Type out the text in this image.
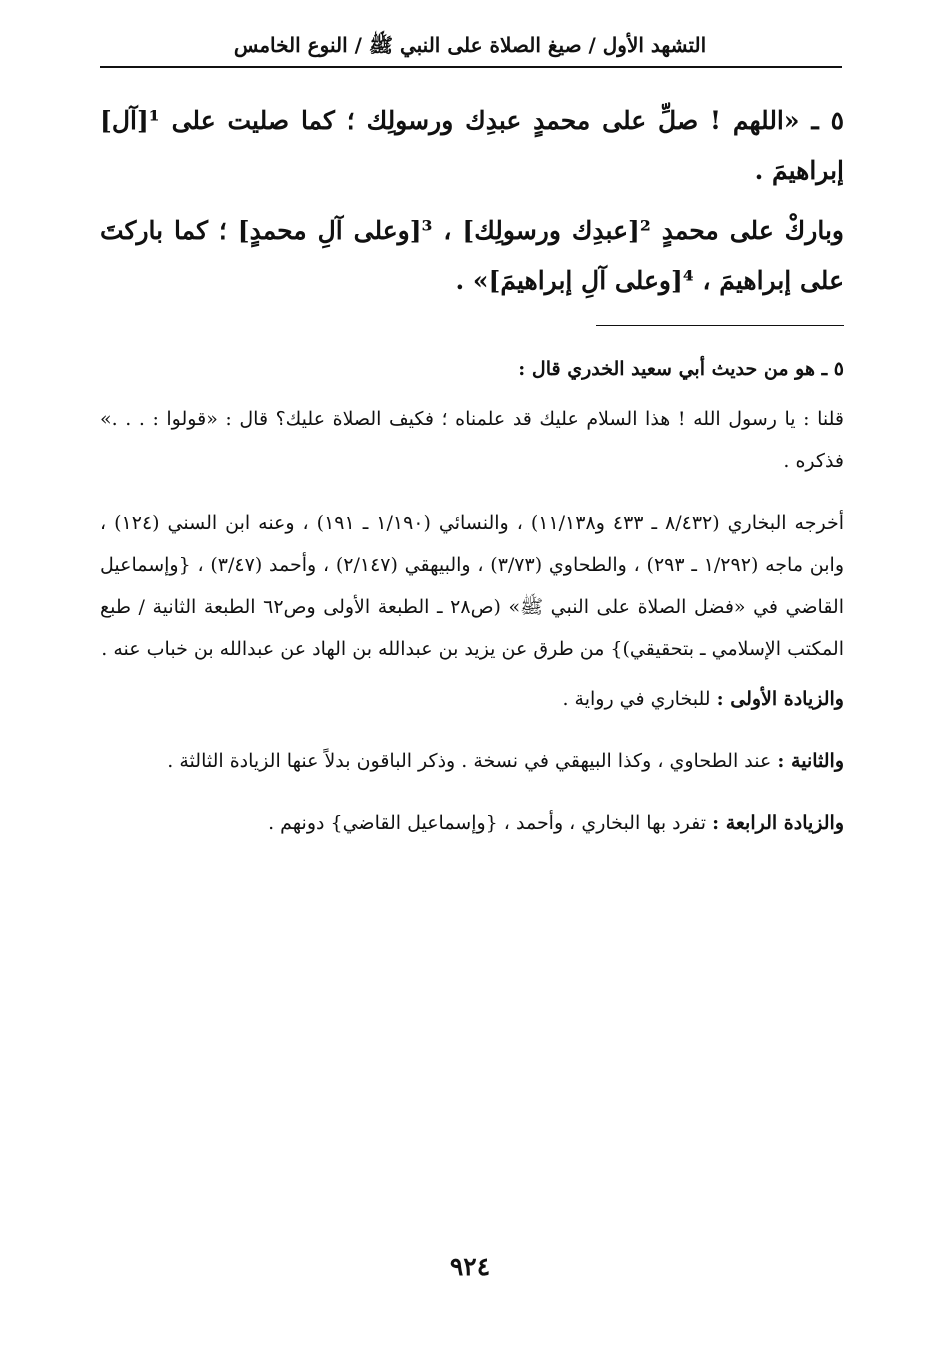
التشهد الأول / صيغ الصلاة على النبي ﷺ / النوع الخامس

٥ ـ «اللهم ! صلِّ على محمدٍ عبدِك ورسولِك ؛ كما صليت على ¹[آل] إبراهيمَ .

وباركْ على محمدٍ ²[عبدِك ورسولِك] ، ³[وعلى آلِ محمدٍ] ؛ كما باركتَ على إبراهيمَ ، ⁴[وعلى آلِ إبراهيمَ]» .

٥ ـ هو من حديث أبي سعيد الخدري قال :

قلنا : يا رسول الله ! هذا السلام عليك قد علمناه ؛ فكيف الصلاة عليك؟ قال : «قولوا : . . .» فذكره .

أخرجه البخاري (٨/٤٣٢ ـ ٤٣٣ و١١/١٣٨) ، والنسائي (١/١٩٠ ـ ١٩١) ، وعنه ابن السني (١٢٤) ، وابن ماجه (١/٢٩٢ ـ ٢٩٣) ، والطحاوي (٣/٧٣) ، والبيهقي (٢/١٤٧) ، وأحمد (٣/٤٧) ، {وإسماعيل القاضي في «فضل الصلاة على النبي ﷺ» (ص٢٨ ـ الطبعة الأولى وص٦٢ الطبعة الثانية / طبع المكتب الإسلامي ـ بتحقيقي)} من طرق عن يزيد بن عبدالله بن الهاد عن عبدالله بن خباب عنه .

والزيادة الأولى : للبخاري في رواية .

والثانية : عند الطحاوي ، وكذا البيهقي في نسخة . وذكر الباقون بدلاً عنها الزيادة الثالثة .

والزيادة الرابعة : تفرد بها البخاري ، وأحمد ، {وإسماعيل القاضي} دونهم .

٩٢٤
